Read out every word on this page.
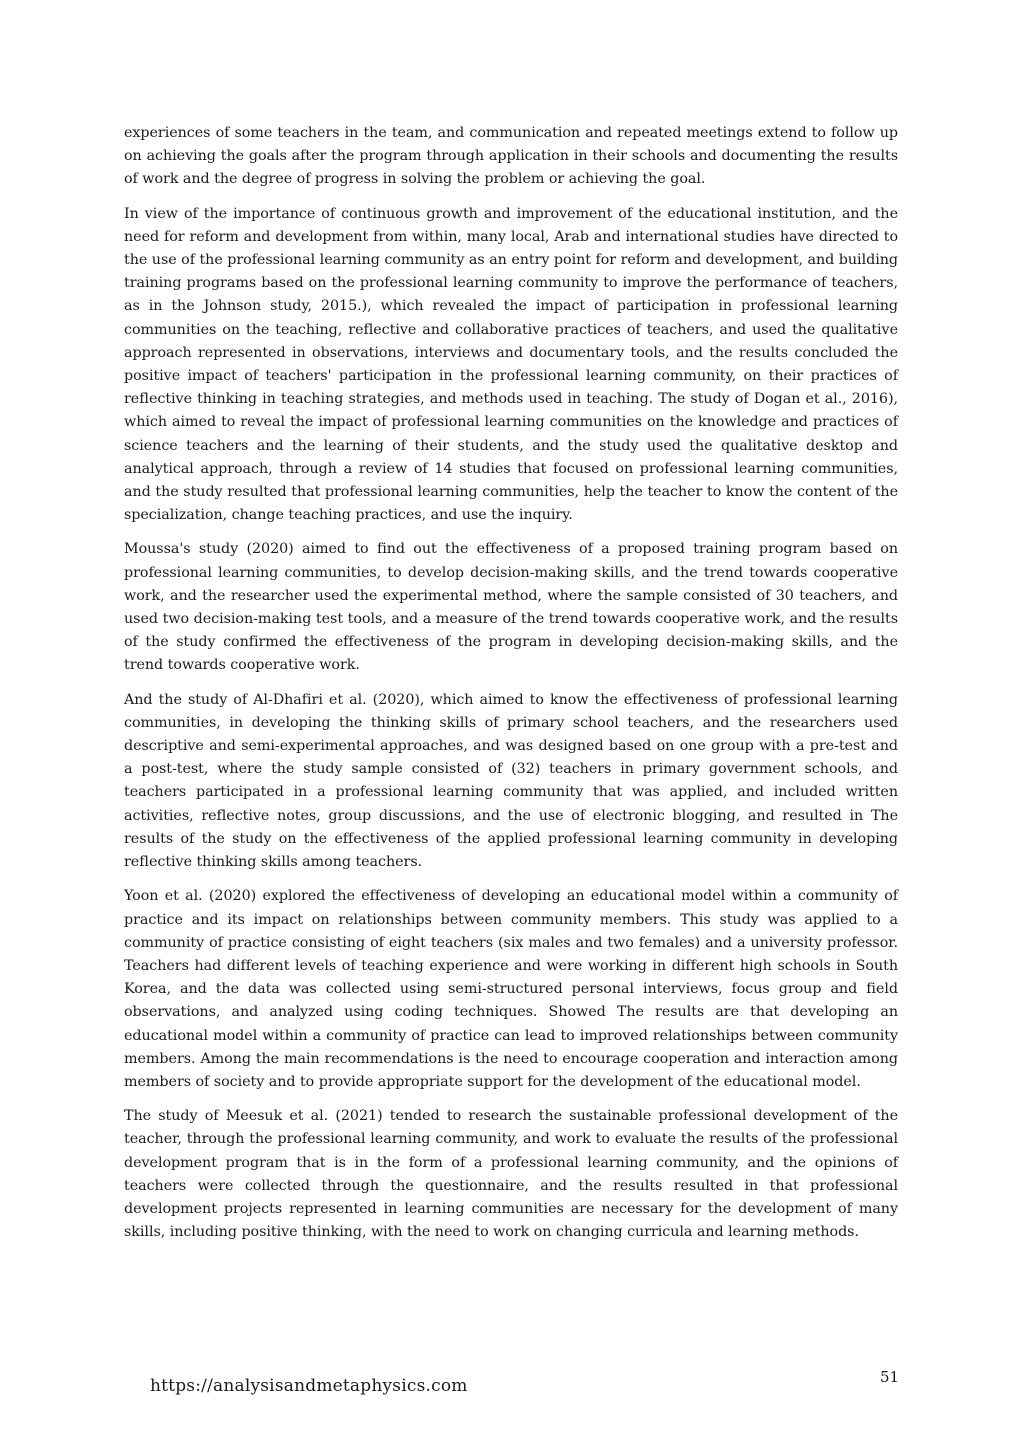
experiences of some teachers in the team, and communication and repeated meetings extend to follow up on achieving the goals after the program through application in their schools and documenting the results of work and the degree of progress in solving the problem or achieving the goal.

In view of the importance of continuous growth and improvement of the educational institution, and the need for reform and development from within, many local, Arab and international studies have directed to the use of the professional learning community as an entry point for reform and development, and building training programs based on the professional learning community to improve the performance of teachers, as in the Johnson study, 2015.), which revealed the impact of participation in professional learning communities on the teaching, reflective and collaborative practices of teachers, and used the qualitative approach represented in observations, interviews and documentary tools, and the results concluded the positive impact of teachers' participation in the professional learning community, on their practices of reflective thinking in teaching strategies, and methods used in teaching. The study of Dogan et al., 2016), which aimed to reveal the impact of professional learning communities on the knowledge and practices of science teachers and the learning of their students, and the study used the qualitative desktop and analytical approach, through a review of 14 studies that focused on professional learning communities, and the study resulted that professional learning communities, help the teacher to know the content of the specialization, change teaching practices, and use the inquiry.

Moussa's study (2020) aimed to find out the effectiveness of a proposed training program based on professional learning communities, to develop decision-making skills, and the trend towards cooperative work, and the researcher used the experimental method, where the sample consisted of 30 teachers, and used two decision-making test tools, and a measure of the trend towards cooperative work, and the results of the study confirmed the effectiveness of the program in developing decision-making skills, and the trend towards cooperative work.

And the study of Al-Dhafiri et al. (2020), which aimed to know the effectiveness of professional learning communities, in developing the thinking skills of primary school teachers, and the researchers used descriptive and semi-experimental approaches, and was designed based on one group with a pre-test and a post-test, where the study sample consisted of (32) teachers in primary government schools, and teachers participated in a professional learning community that was applied, and included written activities, reflective notes, group discussions, and the use of electronic blogging, and resulted in The results of the study on the effectiveness of the applied professional learning community in developing reflective thinking skills among teachers.

Yoon et al. (2020) explored the effectiveness of developing an educational model within a community of practice and its impact on relationships between community members. This study was applied to a community of practice consisting of eight teachers (six males and two females) and a university professor. Teachers had different levels of teaching experience and were working in different high schools in South Korea, and the data was collected using semi-structured personal interviews, focus group and field observations, and analyzed using coding techniques. Showed The results are that developing an educational model within a community of practice can lead to improved relationships between community members. Among the main recommendations is the need to encourage cooperation and interaction among members of society and to provide appropriate support for the development of the educational model.

The study of Meesuk et al. (2021) tended to research the sustainable professional development of the teacher, through the professional learning community, and work to evaluate the results of the professional development program that is in the form of a professional learning community, and the opinions of teachers were collected through the questionnaire, and the results resulted in that professional development projects represented in learning communities are necessary for the development of many skills, including positive thinking, with the need to work on changing curricula and learning methods.

https://analysisandmetaphysics.com	51
